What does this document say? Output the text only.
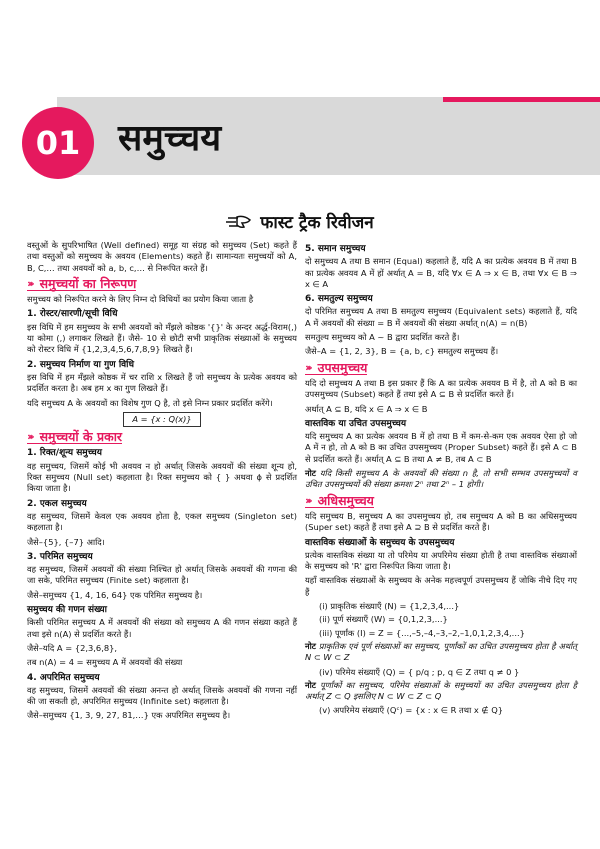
01	समुच्चय
फास्ट ट्रैक रिवीजन

वस्तुओं के सुपरिभाषित (Well defined) समूह या संग्रह को समुच्चय (Set) कहते हैं तथा वस्तुओं को समुच्चय के अवयव (Elements) कहते हैं। सामान्यतः समुच्चयों को A, B, C,… तथा अवयवों को a, b, c,… से निरूपित करते हैं।

››› समुच्चयों का निरूपण

समुच्चय को निरूपित करने के लिए निम्न दो विधियों का प्रयोग किया जाता है

1. रोस्टर/सारणी/सूची विधि

इस विधि में हम समुच्चय के सभी अवयवों को मँझले कोष्ठक '{}' के अन्दर अर्द्ध-विराम(,) या कोमा (,) लगाकर लिखते हैं। जैसे- 10 से छोटी सभी प्राकृतिक संख्याओं के समुच्चय को रोस्टर विधि में {1,2,3,4,5,6,7,8,9} लिखते हैं।

2. समुच्चय निर्माण या गुण विधि

इस विधि में हम मँझले कोष्ठक में चर राशि x लिखते हैं जो समुच्चय के प्रत्येक अवयव को प्रदर्शित करता है। अब हम x का गुण लिखते हैं।

यदि समुच्चय A के अवयवों का विशेष गुण Q है, तो इसे निम्न प्रकार प्रदर्शित करेंगे।

A = {x : Q(x)}
››› समुच्चयों के प्रकार
1. रिक्त/शून्य समुच्चय

वह समुच्चय, जिसमें कोई भी अवयव न हो अर्थात् जिसके अवयवों की संख्या शून्य हो, रिक्त समुच्चय (Null set) कहलाता है। रिक्त समुच्चय को { } अथवा ϕ से प्रदर्शित किया जाता है।

2. एकल समुच्चय

वह समुच्चय, जिसमें केवल एक अवयव होता है, एकल समुच्चय (Singleton set) कहलाता है।

जैसे–{5}, {–7} आदि।

3. परिमित समुच्चय

वह समुच्चय, जिसमें अवयवों की संख्या निश्चित हो अर्थात् जिसके अवयवों की गणना की जा सके, परिमित समुच्चय (Finite set) कहलाता है।

जैसे–समुच्चय {1, 4, 16, 64} एक परिमित समुच्चय है।

समुच्चय की गणन संख्या

किसी परिमित समुच्चय A में अवयवों की संख्या को समुच्चय A की गणन संख्या कहते हैं तथा इसे n(A) से प्रदर्शित करते हैं।

जैसे–यदि A = {2,3,6,8},

तब n(A) = 4 = समुच्चय A में अवयवों की संख्या

4. अपरिमित समुच्चय

वह समुच्चय, जिसमें अवयवों की संख्या अनन्त हो अर्थात् जिसके अवयवों की गणना नहीं की जा सकती हो, अपरिमित समुच्चय (Infinite set) कहलाता है।

जैसे–समुच्चय {1, 3, 9, 27, 81,…} एक अपरिमित समुच्चय है।

5. समान समुच्चय

दो समुच्चय A तथा B समान (Equal) कहलाते हैं, यदि A का प्रत्येक अवयव B में तथा B का प्रत्येक अवयव A में हों अर्थात् A = B, यदि ∀x ∈ A ⇒ x ∈ B, तथा ∀x ∈ B ⇒ x ∈ A

6. समतुल्य समुच्चय

दो परिमित समुच्चय A तथा B समतुल्य समुच्चय (Equivalent sets) कहलाते हैं, यदि A में अवयवों की संख्या = B में अवयवों की संख्या अर्थात् n(A) = n(B)

समतुल्य समुच्चय को A ~ B द्वारा प्रदर्शित करते हैं।

जैसे–A = {1, 2, 3}, B = {a, b, c} समतुल्य समुच्चय हैं।

››› उपसमुच्चय

यदि दो समुच्चय A तथा B इस प्रकार हैं कि A का प्रत्येक अवयव B में है, तो A को B का उपसमुच्चय (Subset) कहते हैं तथा इसे A ⊆ B से प्रदर्शित करते हैं।

अर्थात् A ⊆ B, यदि x ∈ A ⇒ x ∈ B

वास्तविक या उचित उपसमुच्चय

यदि समुच्चय A का प्रत्येक अवयव B में हो तथा B में कम-से-कम एक अवयव ऐसा हो जो A में न हो, तो A को B का उचित उपसमुच्चय (Proper Subset) कहते हैं। इसे A ⊂ B से प्रदर्शित करते हैं। अर्थात् A ⊆ B तथा A ≠ B, तब A ⊂ B

नोट यदि किसी समुच्चय A के अवयवों की संख्या n है, तो सभी सम्भव उपसमुच्चयों व उचित उपसमुच्चयों की संख्या क्रमशः 2ⁿ तथा 2ⁿ – 1 होगी।

››› अधिसमुच्चय

यदि समुच्चय B, समुच्चय A का उपसमुच्चय हो, तब समुच्चय A को B का अधिसमुच्चय (Super set) कहते हैं तथा इसे A ⊇ B से प्रदर्शित करते हैं।

वास्तविक संख्याओं के समुच्चय के उपसमुच्चय

प्रत्येक वास्तविक संख्या या तो परिमेय या अपरिमेय संख्या होती है तथा वास्तविक संख्याओं के समुच्चय को 'R' द्वारा निरूपित किया जाता है।

यहाँ वास्तविक संख्याओं के समुच्चय के अनेक महत्त्वपूर्ण उपसमुच्चय हैं जोकि नीचे दिए गए हैं

(i) प्राकृतिक संख्याएँ (N) = {1,2,3,4,...}
(ii) पूर्ण संख्याएँ (W) = {0,1,2,3,...}
(iii) पूर्णांक (I) = Z = {...,–5,–4,–3,–2,–1,0,1,2,3,4,...}

नोट प्राकृतिक एवं पूर्ण संख्याओं का समुच्चय, पूर्णांकों का उचित उपसमुच्चय होता है अर्थात् N ⊂ W ⊂ Z

(iv) परिमेय संख्याएँ (Q) = { p/q ; p, q ∈ Z तथा q ≠ 0 }

नोट पूर्णांकों का समुच्चय, परिमेय संख्याओं के समुच्चयों का उचित उपसमुच्चय होता है अर्थात् Z ⊂ Q इसलिए N ⊂ W ⊂ Z ⊂ Q

(v) अपरिमेय संख्याएँ (Qᶜ) = {x : x ∈ R तथा x ∉ Q}
